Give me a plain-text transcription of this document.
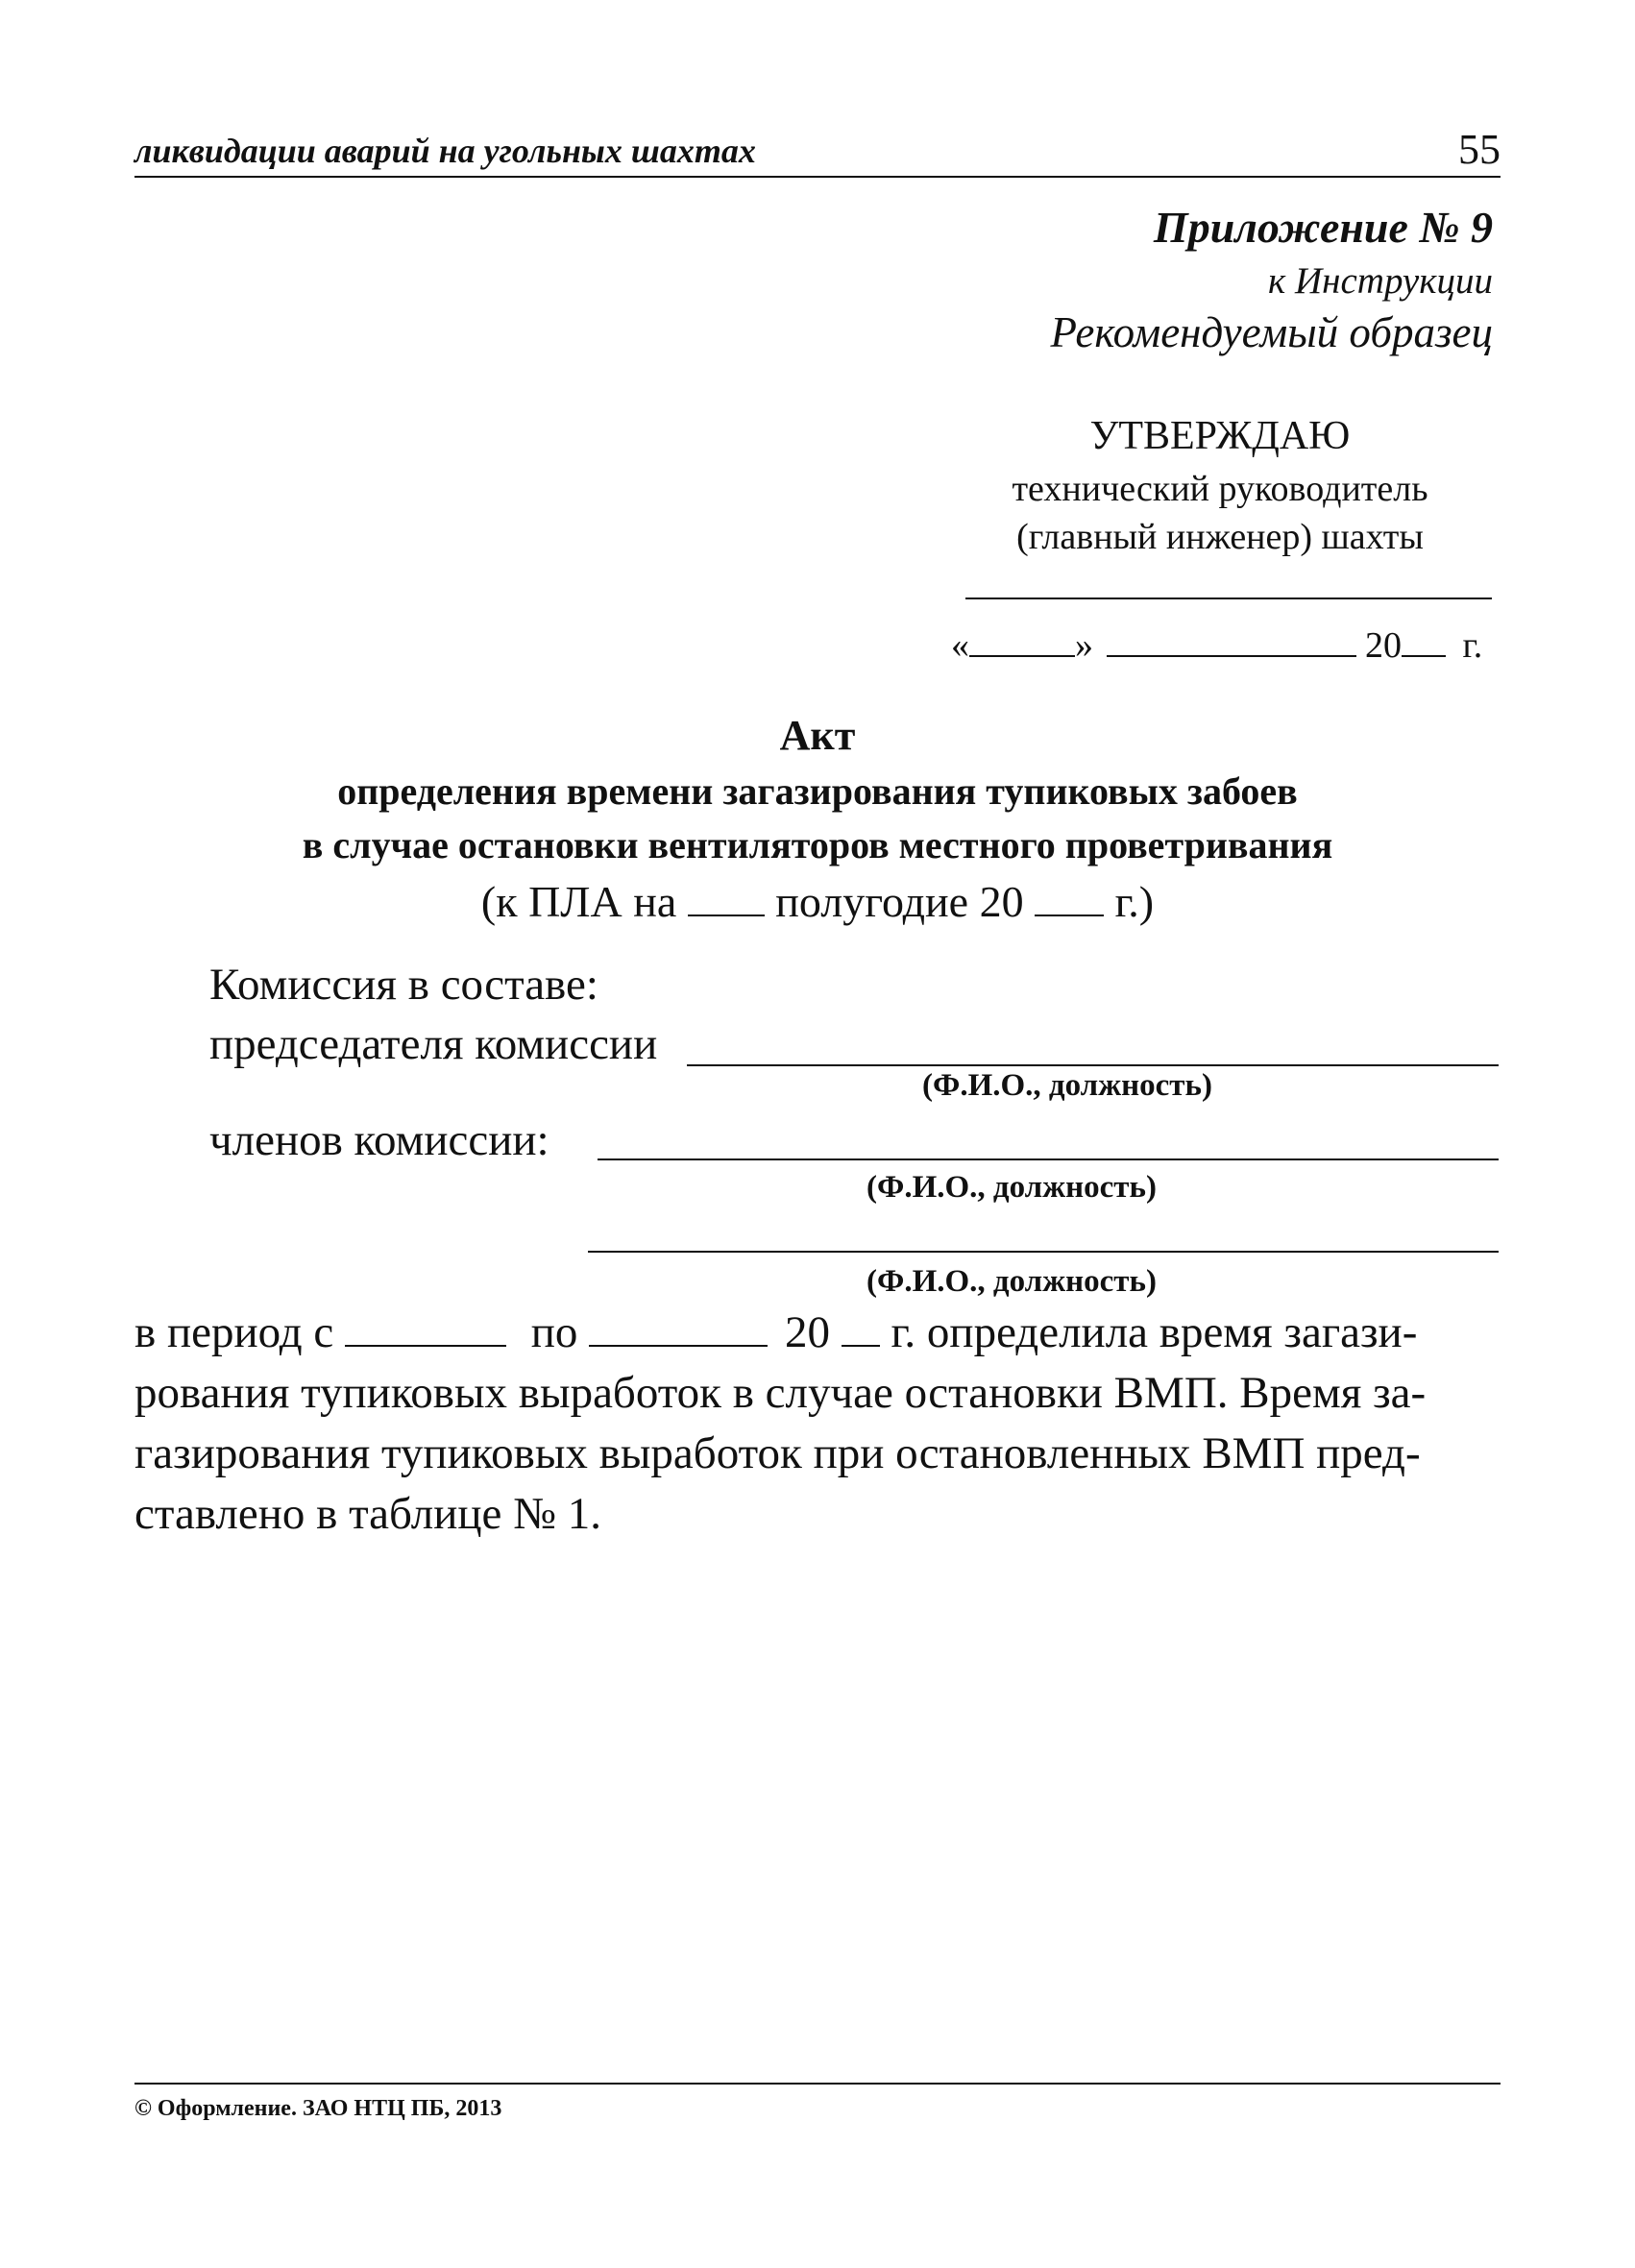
ликвидации аварий на угольных шахтах	55
Приложение № 9
к Инструкции
Рекомендуемый образец
УТВЕРЖДАЮ
технический руководитель
(главный инженер) шахты
«	»	20 г.
Акт
определения времени загазирования тупиковых забоев
в случае остановки вентиляторов местного проветривания
(к ПЛА на полугодие 20 г.)
Комиссия в составе:
председателя комиссии
(Ф.И.О., должность)
членов комиссии:
(Ф.И.О., должность)
(Ф.И.О., должность)
в период с	по	20 г. определила время загази-
рования тупиковых выработок в случае остановки ВМП. Время за-
газирования тупиковых выработок при остановленных ВМП пред-
ставлено в таблице № 1.
© Оформление. ЗАО НТЦ ПБ, 2013
